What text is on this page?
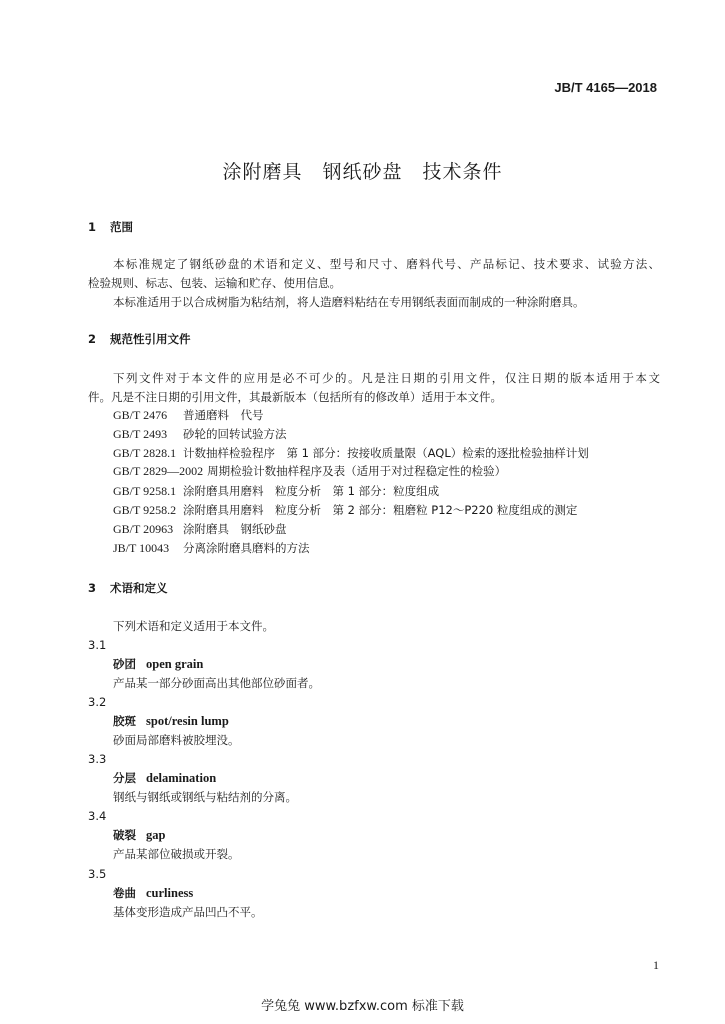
JB/T 4165—2018
涂附磨具　钢纸砂盘　技术条件
1 范围
本标准规定了钢纸砂盘的术语和定义、型号和尺寸、磨料代号、产品标记、技术要求、试验方法、
检验规则、标志、包装、运输和贮存、使用信息。
本标准适用于以合成树脂为粘结剂，将人造磨料粘结在专用钢纸表面而制成的一种涂附磨具。
2 规范性引用文件
下列文件对于本文件的应用是必不可少的。凡是注日期的引用文件，仅注日期的版本适用于本文
件。凡是不注日期的引用文件，其最新版本（包括所有的修改单）适用于本文件。
GB/T 2476 普通磨料　代号
GB/T 2493 砂轮的回转试验方法
GB/T 2828.1 计数抽样检验程序　第 1 部分：按接收质量限（AQL）检索的逐批检验抽样计划
GB/T 2829—2002 周期检验计数抽样程序及表（适用于对过程稳定性的检验）
GB/T 9258.1 涂附磨具用磨料　粒度分析　第 1 部分：粒度组成
GB/T 9258.2 涂附磨具用磨料　粒度分析　第 2 部分：粗磨粒 P12～P220 粒度组成的测定
GB/T 20963 涂附磨具　钢纸砂盘
JB/T 10043 分离涂附磨具磨料的方法
3 术语和定义
下列术语和定义适用于本文件。
3.1
砂团 open grain
产品某一部分砂面高出其他部位砂面者。
3.2
胶斑 spot/resin lump
砂面局部磨料被胶埋没。
3.3
分层 delamination
钢纸与钢纸或钢纸与粘结剂的分离。
3.4
破裂 gap
产品某部位破损或开裂。
3.5
卷曲 curliness
基体变形造成产品凹凸不平。
1
学兔兔 www.bzfxw.com 标准下载
